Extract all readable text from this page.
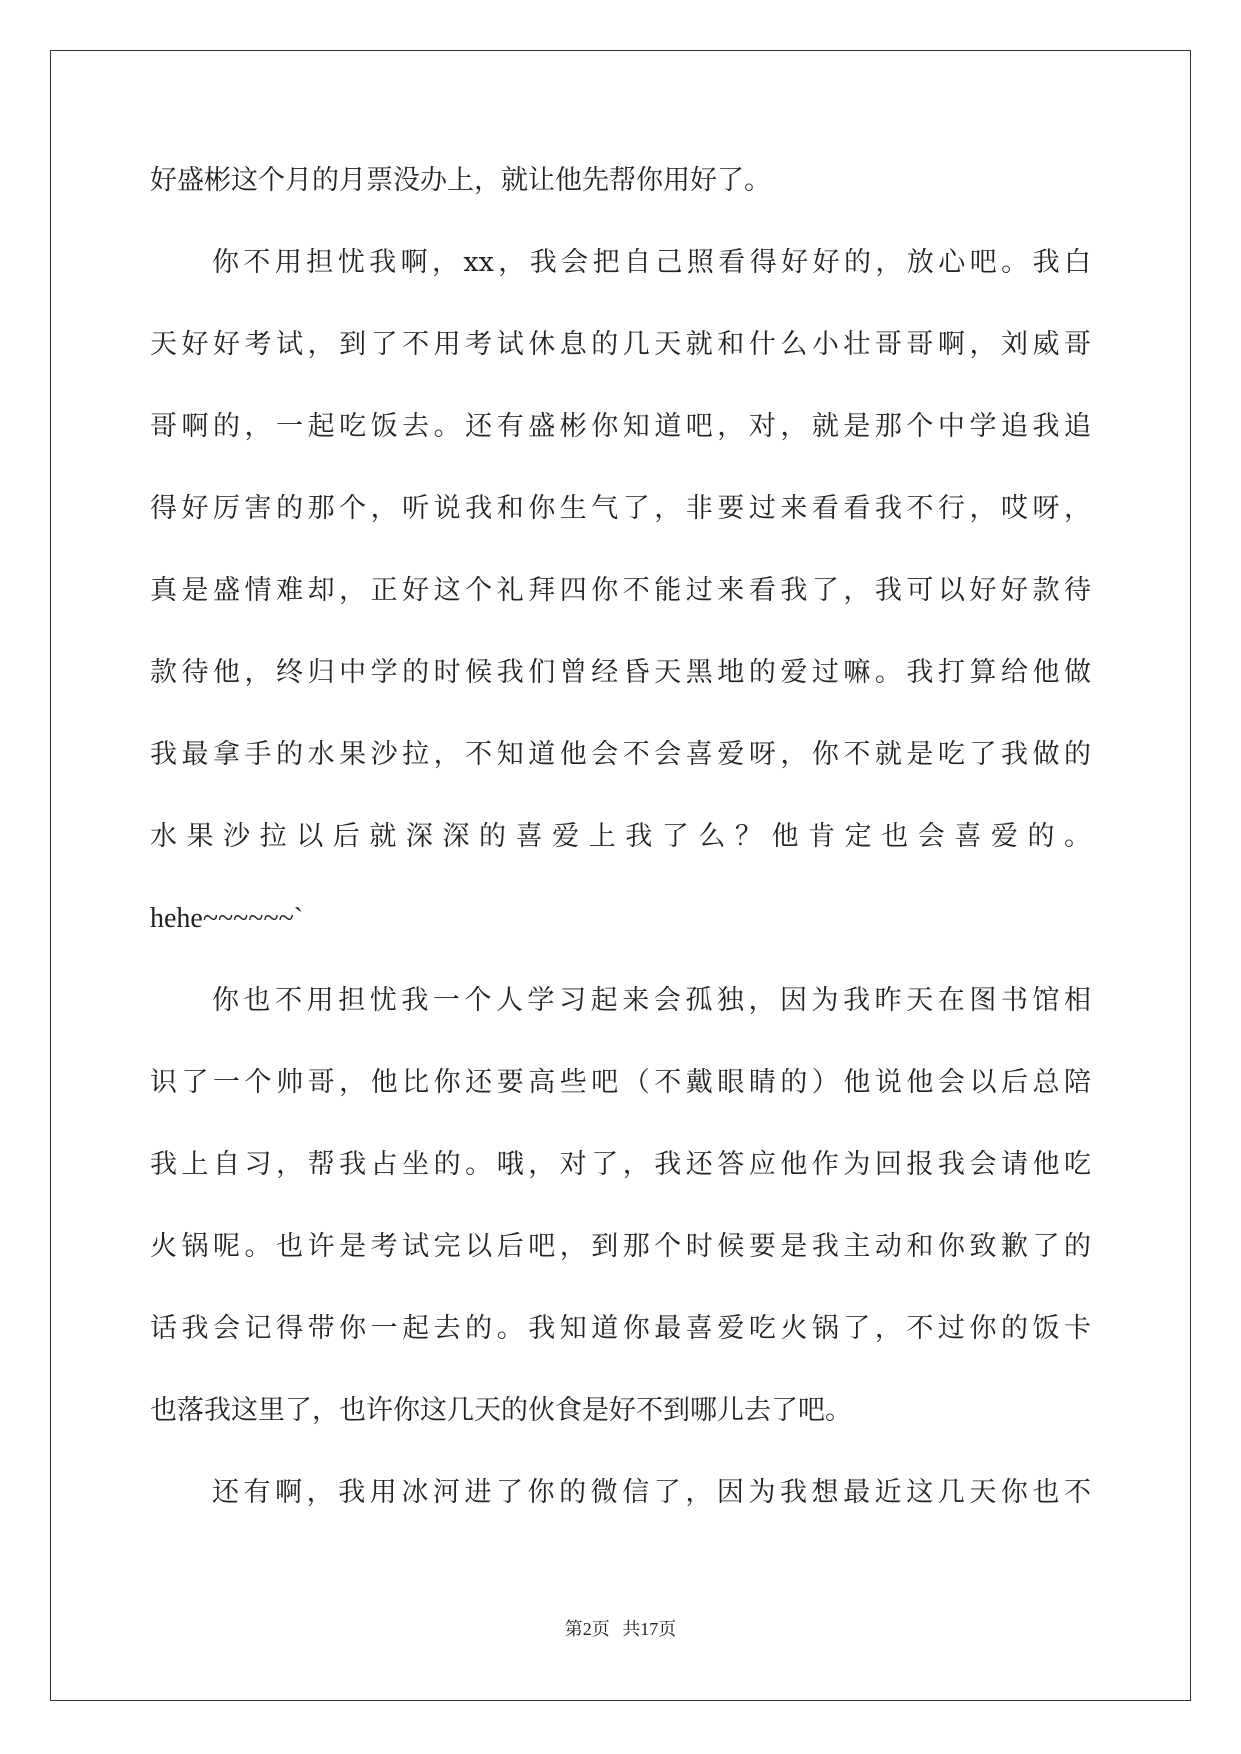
好盛彬这个月的月票没办上，就让他先帮你用好了。
你不用担忧我啊，xx，我会把自己照看得好好的，放心吧。我白
天好好考试，到了不用考试休息的几天就和什么小壮哥哥啊，刘威哥
哥啊的，一起吃饭去。还有盛彬你知道吧，对，就是那个中学追我追
得好厉害的那个，听说我和你生气了，非要过来看看我不行，哎呀，
真是盛情难却，正好这个礼拜四你不能过来看我了，我可以好好款待
款待他，终归中学的时候我们曾经昏天黑地的爱过嘛。我打算给他做
我最拿手的水果沙拉，不知道他会不会喜爱呀，你不就是吃了我做的
水果沙拉以后就深深的喜爱上我了么？他肯定也会喜爱的。
hehe~~~~~~`
你也不用担忧我一个人学习起来会孤独，因为我昨天在图书馆相
识了一个帅哥，他比你还要高些吧（不戴眼睛的）他说他会以后总陪
我上自习，帮我占坐的。哦，对了，我还答应他作为回报我会请他吃
火锅呢。也许是考试完以后吧，到那个时候要是我主动和你致歉了的
话我会记得带你一起去的。我知道你最喜爱吃火锅了，不过你的饭卡
也落我这里了，也许你这几天的伙食是好不到哪儿去了吧。
还有啊，我用冰河进了你的微信了，因为我想最近这几天你也不
第2页 共17页
